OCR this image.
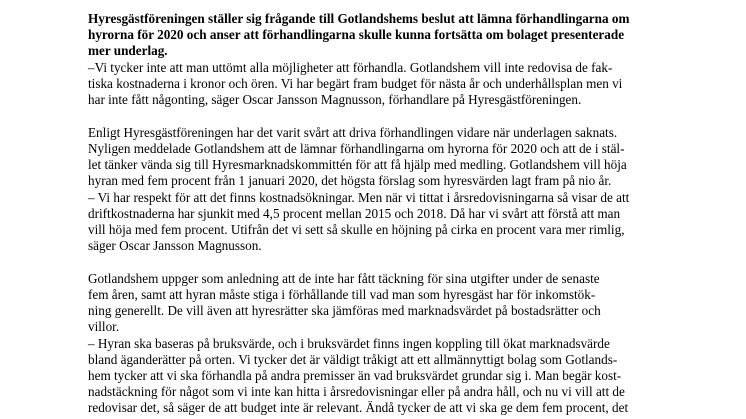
Hyresgästföreningen ställer sig frågande till Gotlandshems beslut att lämna förhandlingarna om
hyrorna för 2020 och anser att förhandlingarna skulle kunna fortsätta om bolaget presenterade
mer underlag.
–Vi tycker inte att man uttömt alla möjligheter att förhandla. Gotlandshem vill inte redovisa de fak-
tiska kostnaderna i kronor och ören. Vi har begärt fram budget för nästa år och underhållsplan men vi
har inte fått någonting, säger Oscar Jansson Magnusson, förhandlare på Hyresgästföreningen.
Enligt Hyresgästföreningen har det varit svårt att driva förhandlingen vidare när underlagen saknats.
Nyligen meddelade Gotlandshem att de lämnar förhandlingarna om hyrorna för 2020 och att de i stäl-
let tänker vända sig till Hyresmarknadskommittén för att få hjälp med medling. Gotlandshem vill höja
hyran med fem procent från 1 januari 2020, det högsta förslag som hyresvärden lagt fram på nio år.
– Vi har respekt för att det finns kostnadsökningar. Men när vi tittat i årsredovisningarna så visar de att
driftkostnaderna har sjunkit med 4,5 procent mellan 2015 och 2018. Då har vi svårt att förstå att man
vill höja med fem procent. Utifrån det vi sett så skulle en höjning på cirka en procent vara mer rimlig,
säger Oscar Jansson Magnusson.
Gotlandshem uppger som anledning att de inte har fått täckning för sina utgifter under de senaste
fem åren, samt att hyran måste stiga i förhållande till vad man som hyresgäst har för inkomstök-
ning generellt. De vill även att hyresrätter ska jämföras med marknadsvärdet på bostadsrätter och
villor.
– Hyran ska baseras på bruksvärde, och i bruksvärdet finns ingen koppling till ökat marknadsvärde
bland äganderätter på orten. Vi tycker det är väldigt tråkigt att ett allmännyttigt bolag som Gotlands-
hem tycker att vi ska förhandla på andra premisser än vad bruksvärdet grundar sig i. Man begär kost-
nadstäckning för något som vi inte kan hitta i årsredovisningar eller på andra håll, och nu vi vill att de
redovisar det, så säger de att budget inte är relevant. Ändå tycker de att vi ska ge dem fem procent, det
